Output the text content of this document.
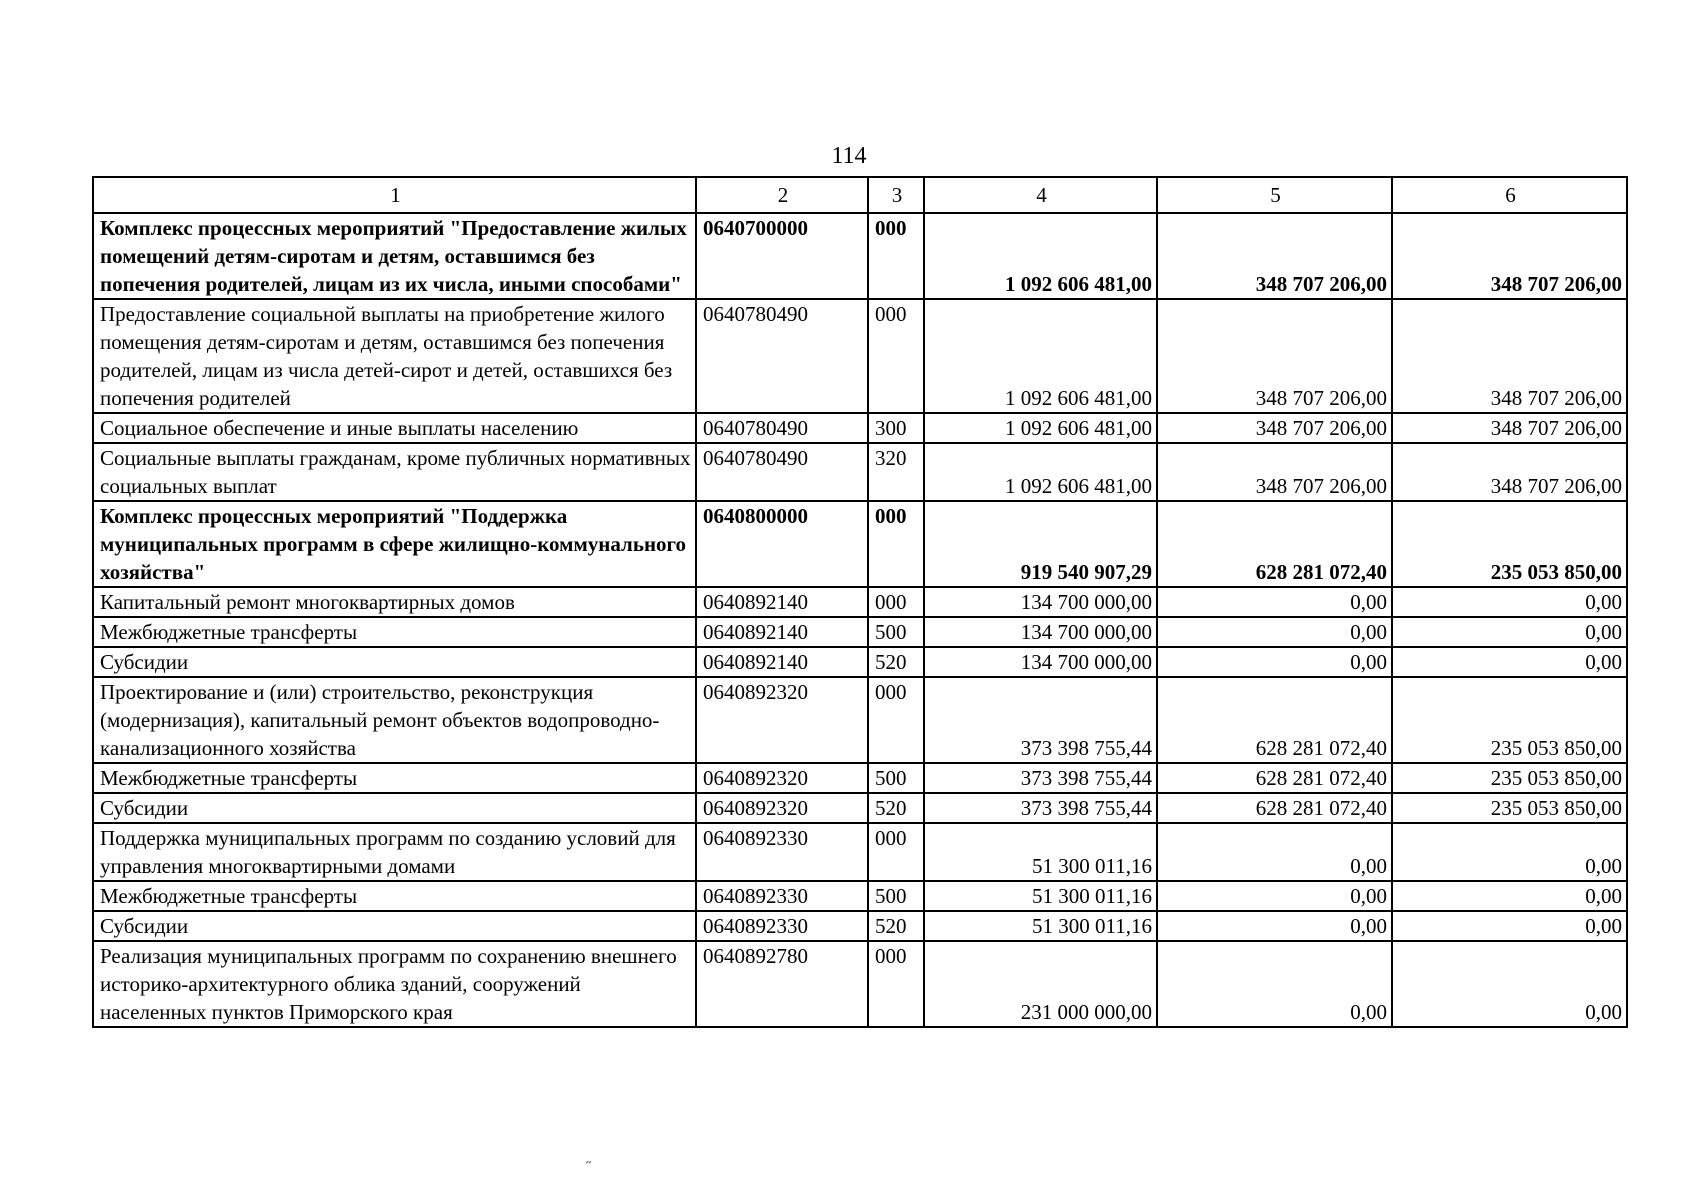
114
1	2	3	4	5	6
Комплекс процессных мероприятий "Предоставление жилых помещений детям-сиротам и детям, оставшимся без попечения родителей, лицам из их числа, иными способами"	0640700000	000	1 092 606 481,00	348 707 206,00	348 707 206,00
Предоставление социальной выплаты на приобретение жилого помещения детям-сиротам и детям, оставшимся без попечения родителей, лицам из числа детей-сирот и детей, оставшихся без попечения родителей	0640780490	000	1 092 606 481,00	348 707 206,00	348 707 206,00
Социальное обеспечение и иные выплаты населению	0640780490	300	1 092 606 481,00	348 707 206,00	348 707 206,00
Социальные выплаты гражданам, кроме публичных нормативных социальных выплат	0640780490	320	1 092 606 481,00	348 707 206,00	348 707 206,00
Комплекс процессных мероприятий "Поддержка муниципальных программ в сфере жилищно-коммунального хозяйства"	0640800000	000	919 540 907,29	628 281 072,40	235 053 850,00
Капитальный ремонт многоквартирных домов	0640892140	000	134 700 000,00	0,00	0,00
Межбюджетные трансферты	0640892140	500	134 700 000,00	0,00	0,00
Субсидии	0640892140	520	134 700 000,00	0,00	0,00
Проектирование и (или) строительство, реконструкция (модернизация), капитальный ремонт объектов водопроводно-канализационного хозяйства	0640892320	000	373 398 755,44	628 281 072,40	235 053 850,00
Межбюджетные трансферты	0640892320	500	373 398 755,44	628 281 072,40	235 053 850,00
Субсидии	0640892320	520	373 398 755,44	628 281 072,40	235 053 850,00
Поддержка муниципальных программ по созданию условий для управления многоквартирными домами	0640892330	000	51 300 011,16	0,00	0,00
Межбюджетные трансферты	0640892330	500	51 300 011,16	0,00	0,00
Субсидии	0640892330	520	51 300 011,16	0,00	0,00
Реализация муниципальных программ по сохранению внешнего историко-архитектурного облика зданий, сооружений населенных пунктов Приморского края	0640892780	000	231 000 000,00	0,00	0,00
˶
